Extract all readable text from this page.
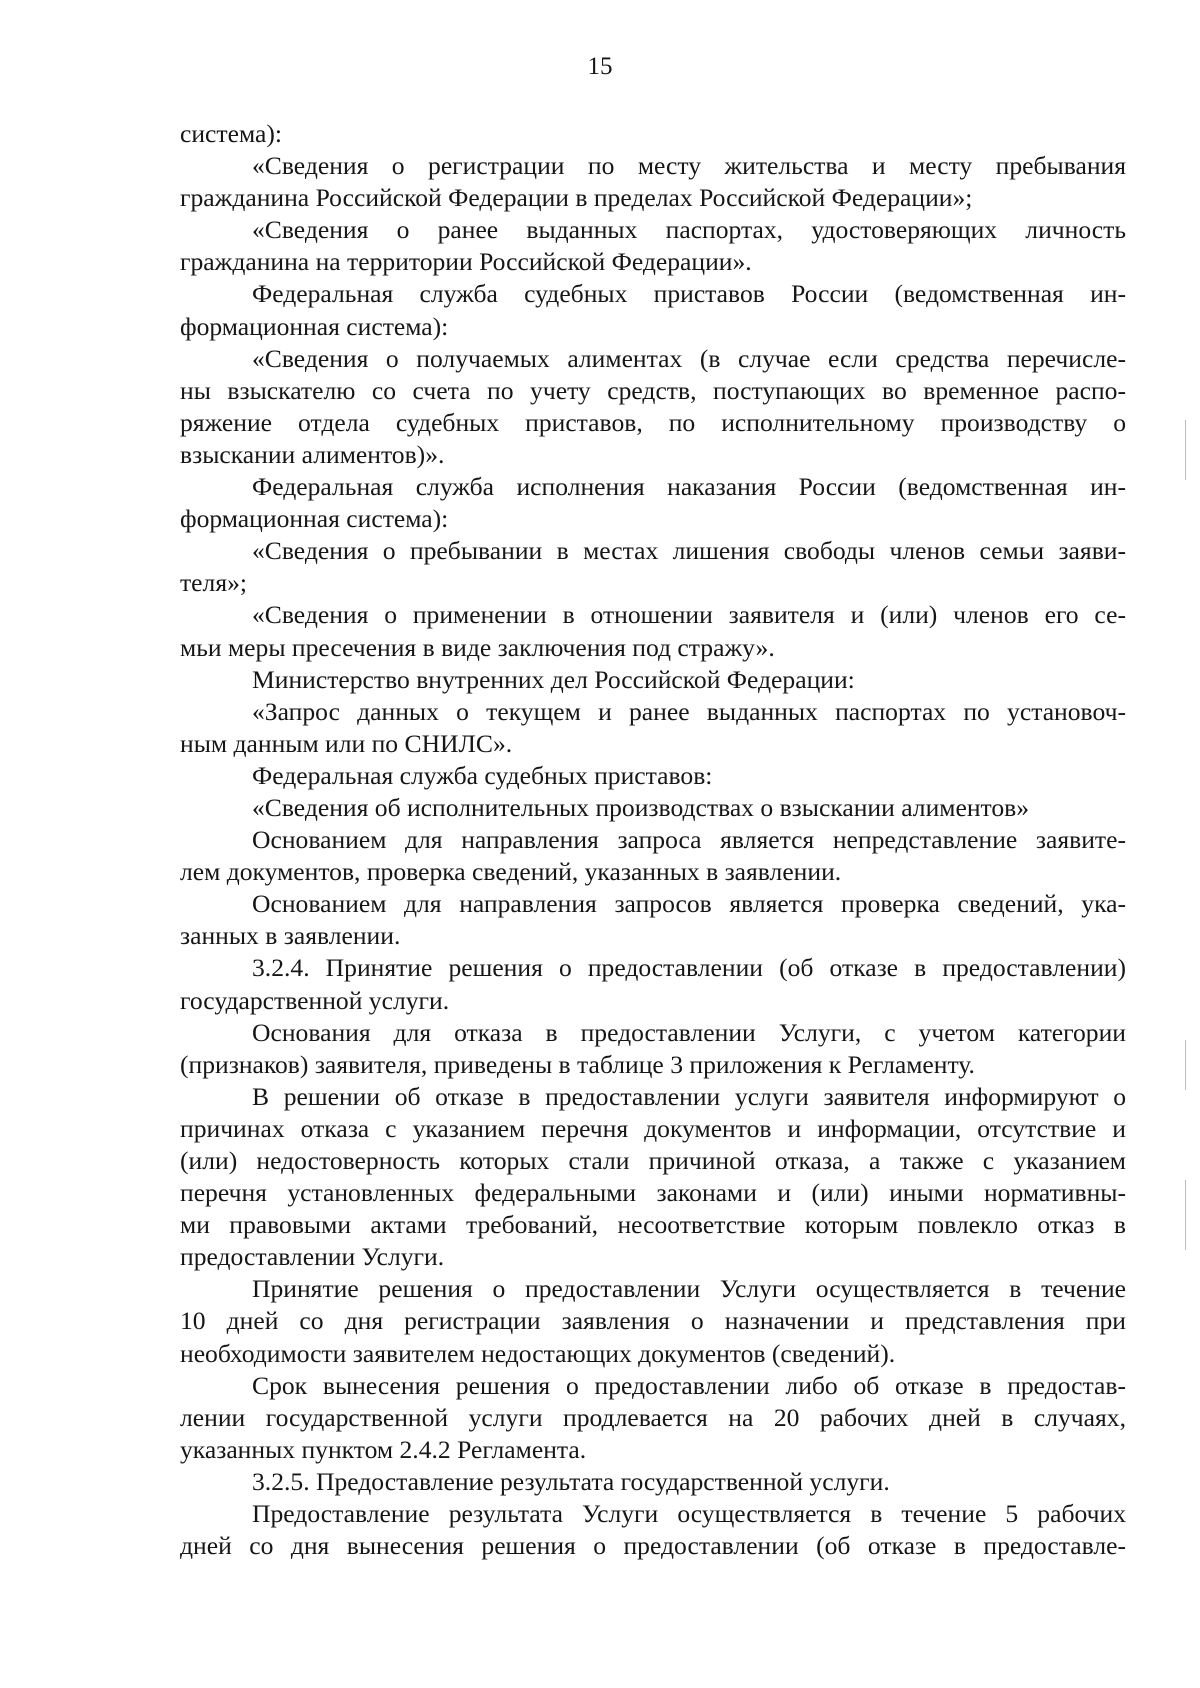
15
система):
«Сведения о регистрации по месту жительства и месту пребывания
гражданина Российской Федерации в пределах Российской Федерации»;
«Сведения о ранее выданных паспортах, удостоверяющих личность
гражданина на территории Российской Федерации».
Федеральная служба судебных приставов России (ведомственная ин-
формационная система):
«Сведения о получаемых алиментах (в случае если средства перечисле-
ны взыскателю со счета по учету средств, поступающих во временное распо-
ряжение отдела судебных приставов, по исполнительному производству о
взыскании алиментов)».
Федеральная служба исполнения наказания России (ведомственная ин-
формационная система):
«Сведения о пребывании в местах лишения свободы членов семьи заяви-
теля»;
«Сведения о применении в отношении заявителя и (или) членов его се-
мьи меры пресечения в виде заключения под стражу».
Министерство внутренних дел Российской Федерации:
«Запрос данных о текущем и ранее выданных паспортах по установоч-
ным данным или по СНИЛС».
Федеральная служба судебных приставов:
«Сведения об исполнительных производствах о взыскании алиментов»
Основанием для направления запроса является непредставление заявите-
лем документов, проверка сведений, указанных в заявлении.
Основанием для направления запросов является проверка сведений, ука-
занных в заявлении.
3.2.4. Принятие решения о предоставлении (об отказе в предоставлении)
государственной услуги.
Основания для отказа в предоставлении Услуги, с учетом категории
(признаков) заявителя, приведены в таблице 3 приложения к Регламенту.
В решении об отказе в предоставлении услуги заявителя информируют о
причинах отказа с указанием перечня документов и информации, отсутствие и
(или) недостоверность которых стали причиной отказа, а также с указанием
перечня установленных федеральными законами и (или) иными нормативны-
ми правовыми актами требований, несоответствие которым повлекло отказ в
предоставлении Услуги.
Принятие решения о предоставлении Услуги осуществляется в течение
10 дней со дня регистрации заявления о назначении и представления при
необходимости заявителем недостающих документов (сведений).
Срок вынесения решения о предоставлении либо об отказе в предостав-
лении государственной услуги продлевается на 20 рабочих дней в случаях,
указанных пунктом 2.4.2 Регламента.
3.2.5. Предоставление результата государственной услуги.
Предоставление результата Услуги осуществляется в течение 5 рабочих
дней со дня вынесения решения о предоставлении (об отказе в предоставле-
